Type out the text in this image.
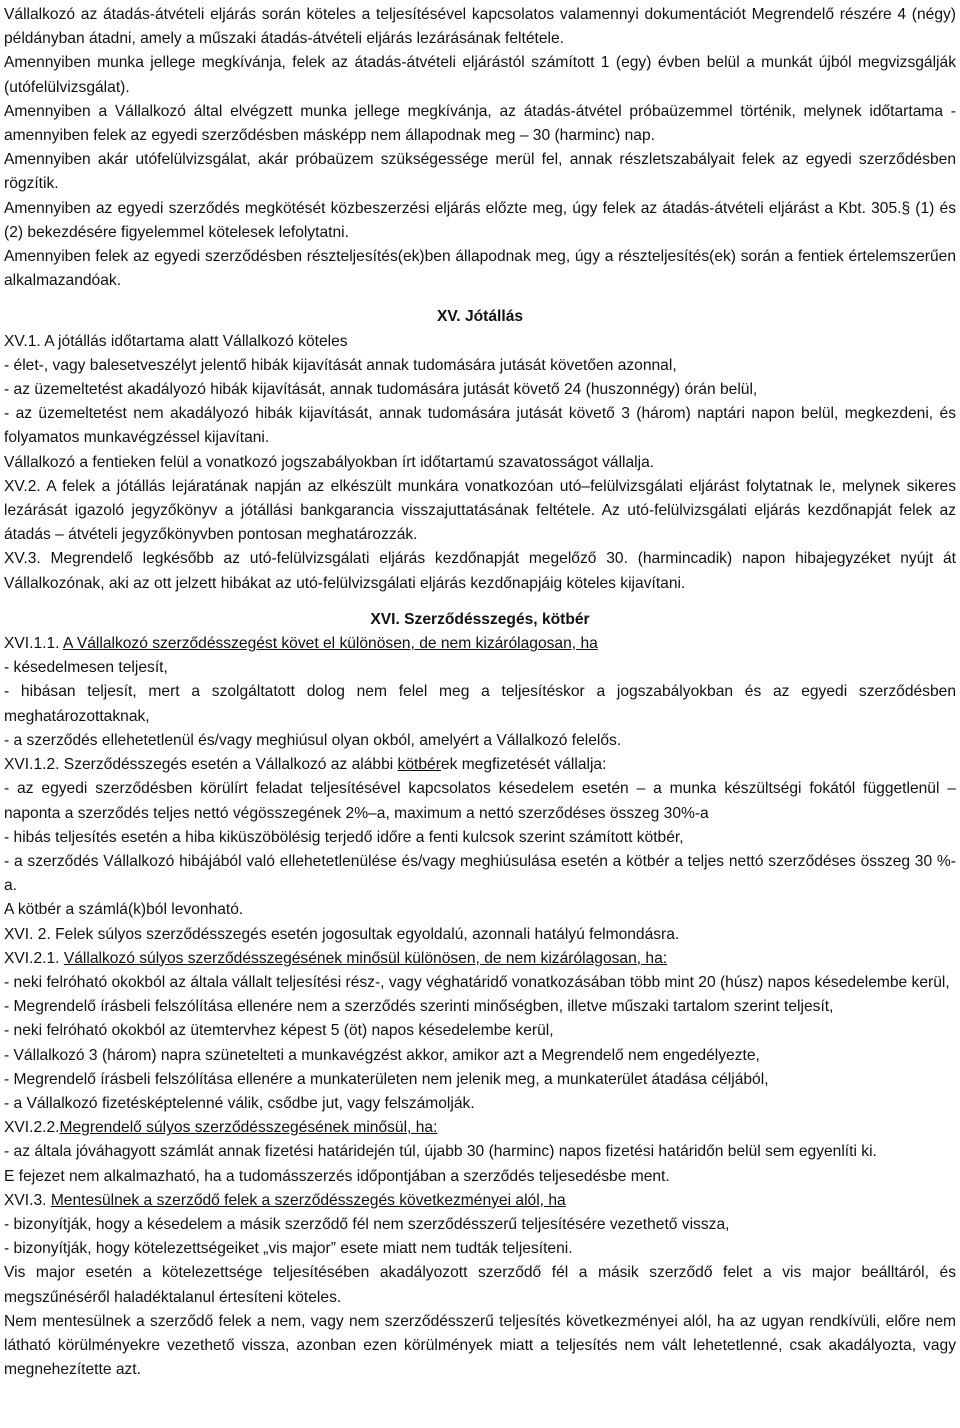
Vállalkozó az átadás-átvételi eljárás során köteles a teljesítésével kapcsolatos valamennyi dokumentációt Megrendelő részére 4 (négy) példányban átadni, amely a műszaki átadás-átvételi eljárás lezárásának feltétele.

Amennyiben munka jellege megkívánja, felek az átadás-átvételi eljárástól számított 1 (egy) évben belül a munkát újból megvizsgálják (utófelülvizsgálat).

Amennyiben a Vállalkozó által elvégzett munka jellege megkívánja, az átadás-átvétel próbaüzemmel történik, melynek időtartama - amennyiben felek az egyedi szerződésben másképp nem állapodnak meg – 30 (harminc) nap.

Amennyiben akár utófelülvizsgálat, akár próbaüzem szükségessége merül fel, annak részletszabályait felek az egyedi szerződésben rögzítik.

Amennyiben az egyedi szerződés megkötését közbeszerzési eljárás előzte meg, úgy felek az átadás-átvételi eljárást a Kbt. 305.§ (1) és (2) bekezdésére figyelemmel kötelesek lefolytatni.

Amennyiben felek az egyedi szerződésben részteljesítés(ek)ben állapodnak meg, úgy a részteljesítés(ek) során a fentiek értelemszerűen alkalmazandóak.

XV. Jótállás

XV.1. A jótállás időtartama alatt Vállalkozó köteles

- élet-, vagy balesetveszélyt jelentő hibák kijavítását annak tudomására jutását követően azonnal,

- az üzemeltetést akadályozó hibák kijavítását, annak tudomására jutását követő 24 (huszonnégy) órán belül,

- az üzemeltetést nem akadályozó hibák kijavítását, annak tudomására jutását követő 3 (három) naptári napon belül, megkezdeni, és folyamatos munkavégzéssel kijavítani.

Vállalkozó a fentieken felül a vonatkozó jogszabályokban írt időtartamú szavatosságot vállalja.

XV.2. A felek a jótállás lejáratának napján az elkészült munkára vonatkozóan utó–felülvizsgálati eljárást folytatnak le, melynek sikeres lezárását igazoló jegyzőkönyv a jótállási bankgarancia visszajuttatásának feltétele. Az utó-felülvizsgálati eljárás kezdőnapját felek az átadás – átvételi jegyzőkönyvben pontosan meghatározzák.

XV.3. Megrendelő legkésőbb az utó-felülvizsgálati eljárás kezdőnapját megelőző 30. (harmincadik) napon hibajegyzéket nyújt át Vállalkozónak, aki az ott jelzett hibákat az utó-felülvizsgálati eljárás kezdőnapjáig köteles kijavítani.

XVI. Szerződésszegés, kötbér

XVI.1.1. A Vállalkozó szerződésszegést követ el különösen, de nem kizárólagosan, ha

- késedelmesen teljesít,

- hibásan teljesít, mert a szolgáltatott dolog nem felel meg a teljesítéskor a jogszabályokban és az egyedi szerződésben meghatározottaknak,

- a szerződés ellehetetlenül és/vagy meghiúsul olyan okból, amelyért a Vállalkozó felelős.

XVI.1.2. Szerződésszegés esetén a Vállalkozó az alábbi kötbérek megfizetését vállalja:

- az egyedi szerződésben körülírt feladat teljesítésével kapcsolatos késedelem esetén – a munka készültségi fokától függetlenül – naponta a szerződés teljes nettó végösszegének 2%–a, maximum a nettó szerződéses összeg 30%-a

- hibás teljesítés esetén a hiba kiküszöbölésig terjedő időre a fenti kulcsok szerint számított kötbér,

- a szerződés Vállalkozó hibájából való ellehetetlenülése és/vagy meghiúsulása esetén a kötbér a teljes nettó szerződéses összeg 30 %-a.

A kötbér a számlá(k)ból levonható.

XVI. 2. Felek súlyos szerződésszegés esetén jogosultak egyoldalú, azonnali hatályú felmondásra.

XVI.2.1. Vállalkozó súlyos szerződésszegésének minősül különösen, de nem kizárólagosan, ha:

- neki felróható okokból az általa vállalt teljesítési rész-, vagy véghatáridő vonatkozásában több mint 20 (húsz) napos késedelembe kerül,

- Megrendelő írásbeli felszólítása ellenére nem a szerződés szerinti minőségben, illetve műszaki tartalom szerint teljesít,

- neki felróható okokból az ütemtervhez képest 5 (öt) napos késedelembe kerül,

- Vállalkozó 3 (három) napra szünetelteti a munkavégzést akkor, amikor azt a Megrendelő nem engedélyezte,

- Megrendelő írásbeli felszólítása ellenére a munkaterületen nem jelenik meg, a munkaterület átadása céljából,

- a Vállalkozó fizetésképtelenné válik, csődbe jut, vagy felszámolják.

XVI.2.2.Megrendelő súlyos szerződésszegésének minősül, ha:

- az általa jóváhagyott számlát annak fizetési határidején túl, újabb 30 (harminc) napos fizetési határidőn belül sem egyenlíti ki.

E fejezet nem alkalmazható, ha a tudomásszerzés időpontjában a szerződés teljesedésbe ment.

XVI.3. Mentesülnek a szerződő felek a szerződésszegés következményei alól, ha

- bizonyítják, hogy a késedelem a másik szerződő fél nem szerződésszerű teljesítésére vezethető vissza,

- bizonyítják, hogy kötelezettségeiket „vis major” esete miatt nem tudták teljesíteni.

Vis major esetén a kötelezettsége teljesítésében akadályozott szerződő fél a másik szerződő felet a vis major beálltáról, és megszűnéséről haladéktalanul értesíteni köteles.

Nem mentesülnek a szerződő felek a nem, vagy nem szerződésszerű teljesítés következményei alól, ha az ugyan rendkívüli, előre nem látható körülményekre vezethető vissza, azonban ezen körülmények miatt a teljesítés nem vált lehetetlenné, csak akadályozta, vagy megnehezítette azt.
